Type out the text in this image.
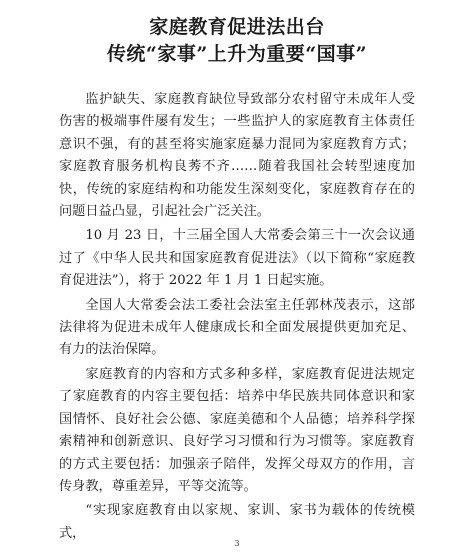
家庭教育促进法出台
传统“家事”上升为重要“国事”

监护缺失、家庭教育缺位导致部分农村留守未成年人受伤害的极端事件屡有发生；一些监护人的家庭教育主体责任意识不强，有的甚至将实施家庭暴力混同为家庭教育方式；家庭教育服务机构良莠不齐……随着我国社会转型速度加快，传统的家庭结构和功能发生深刻变化，家庭教育存在的问题日益凸显，引起社会广泛关注。

10 月 23 日，十三届全国人大常委会第三十一次会议通过了《中华人民共和国家庭教育促进法》（以下简称“家庭教育促进法”），将于 2022 年 1 月 1 日起实施。

全国人大常委会法工委社会法室主任郭林茂表示，这部法律将为促进未成年人健康成长和全面发展提供更加充足、有力的法治保障。

家庭教育的内容和方式多种多样，家庭教育促进法规定了家庭教育的内容主要包括：培养中华民族共同体意识和家国情怀、良好社会公德、家庭美德和个人品德；培养科学探索精神和创新意识、良好学习习惯和行为习惯等。家庭教育的方式主要包括：加强亲子陪伴，发挥父母双方的作用，言传身教，尊重差异，平等交流等。

“实现家庭教育由以家规、家训、家书为载体的传统模式，

3
